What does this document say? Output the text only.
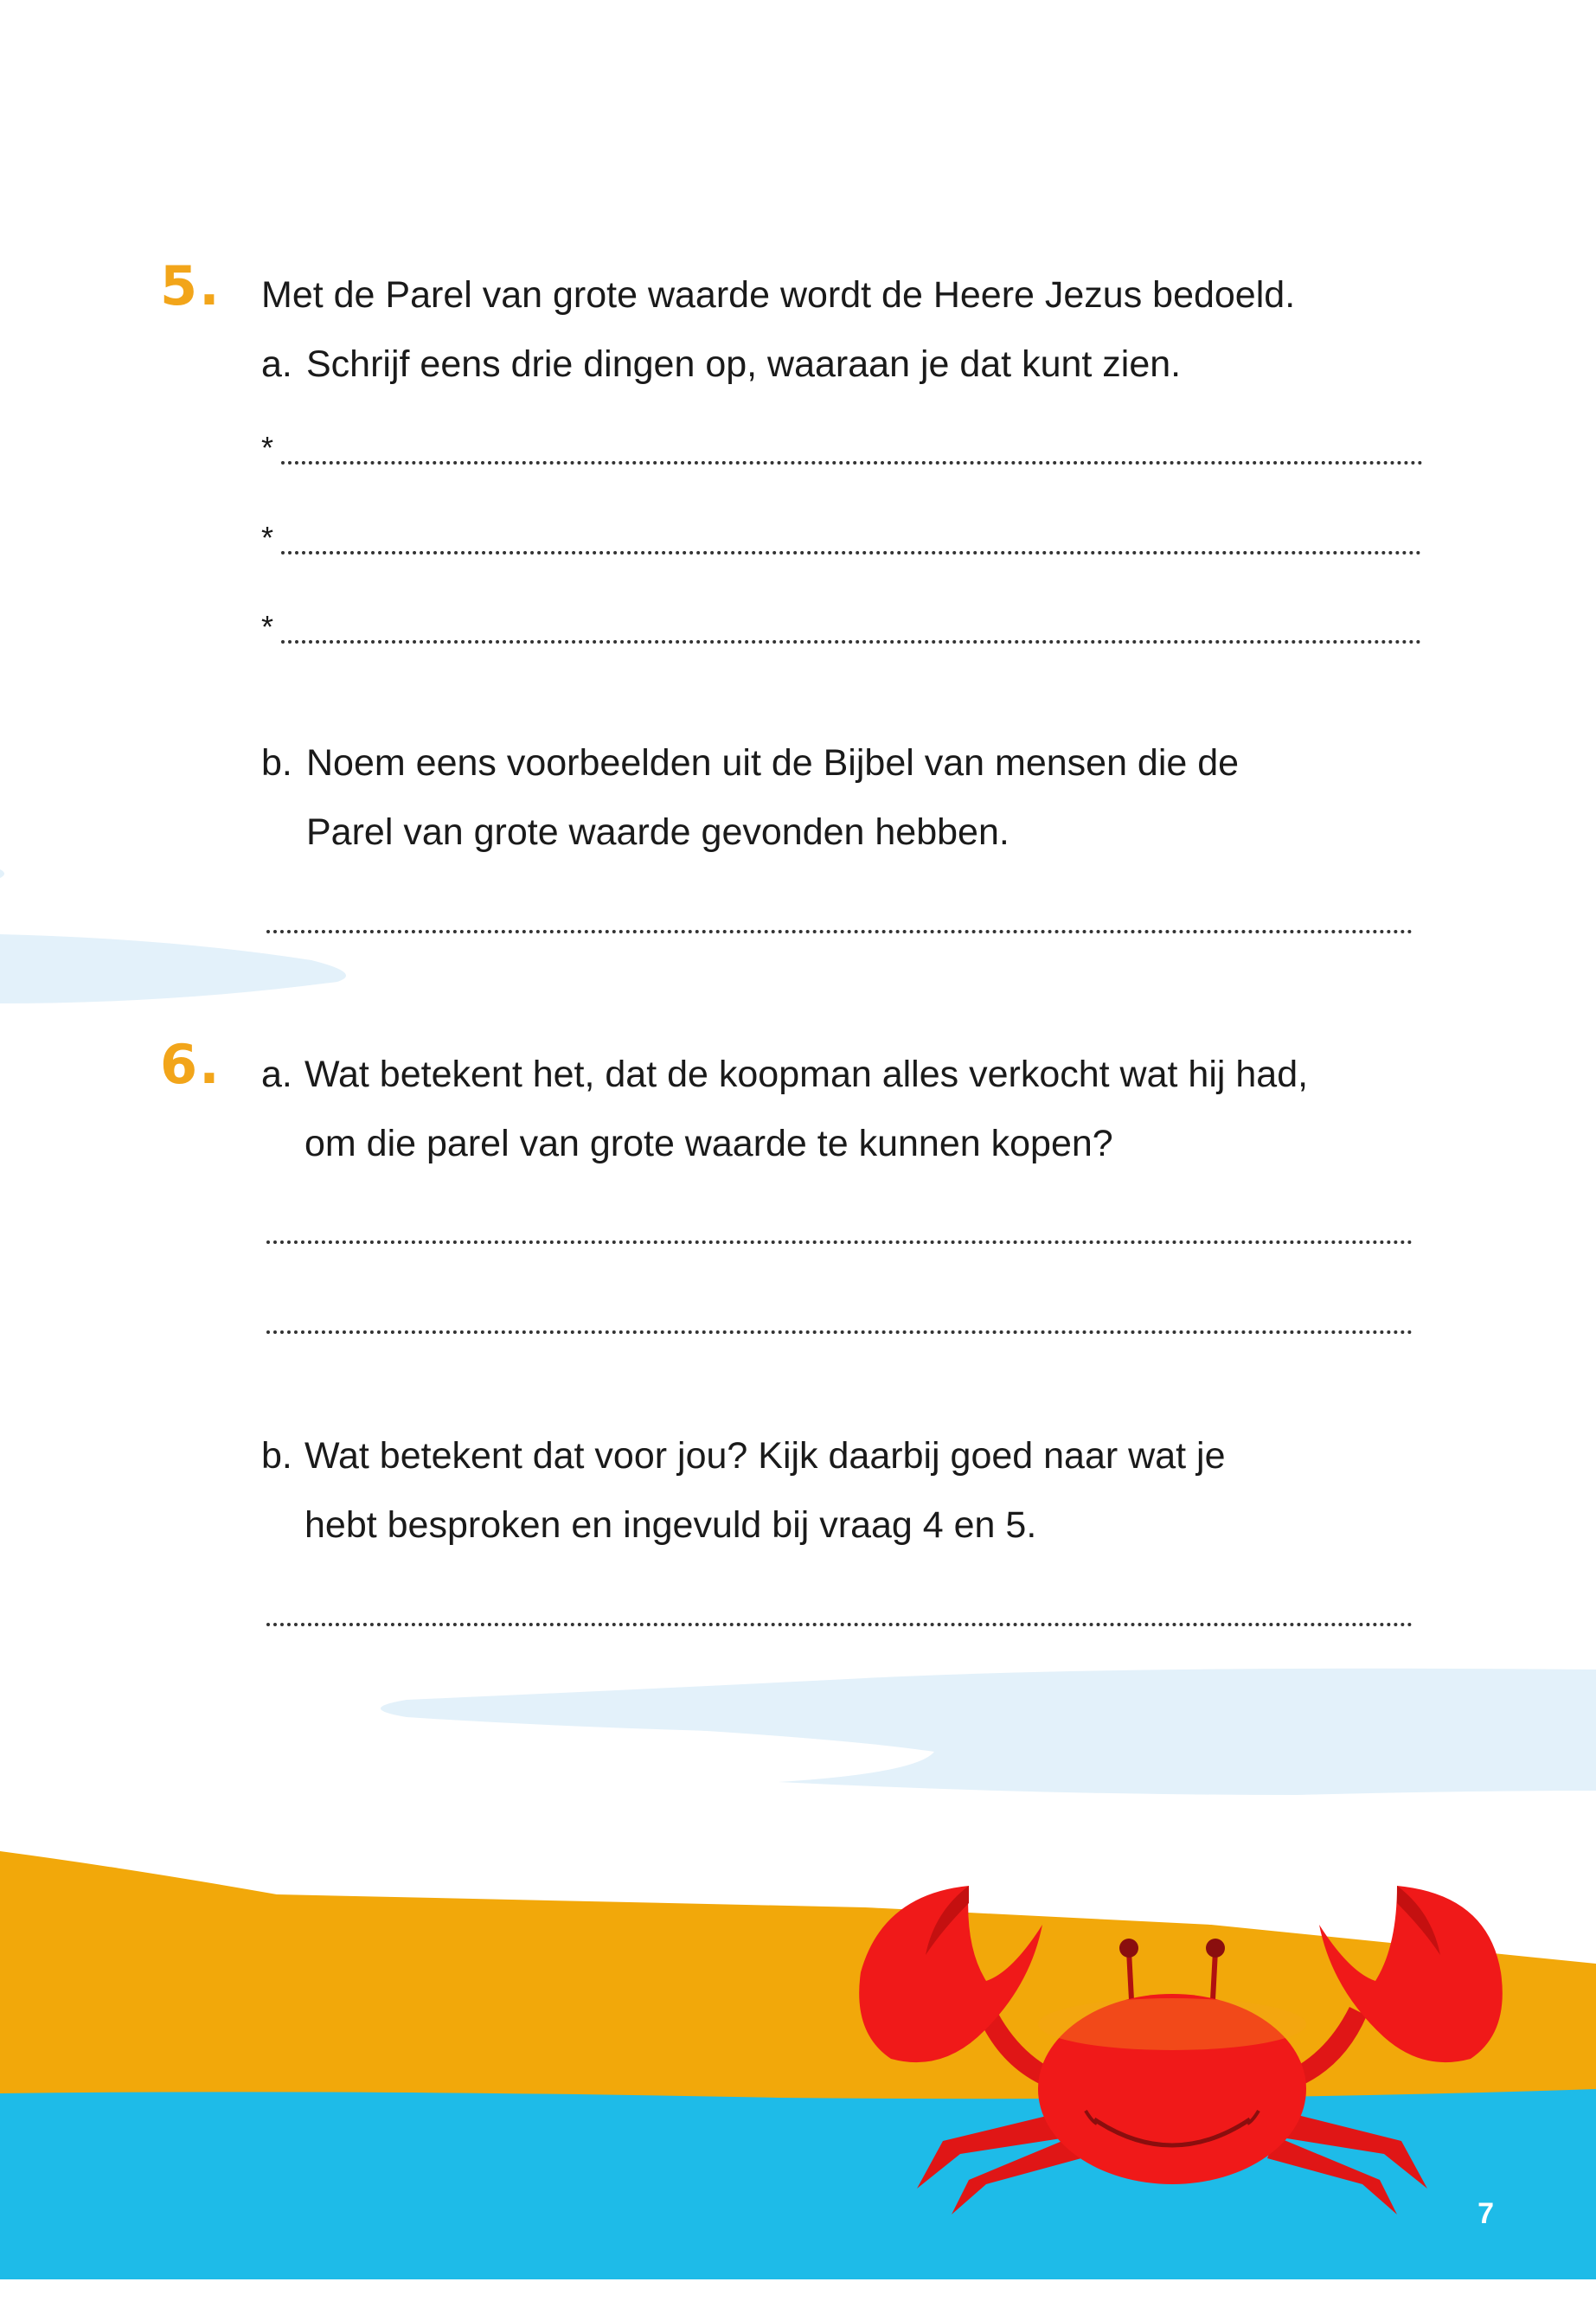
5. Met de Parel van grote waarde wordt de Heere Jezus bedoeld.
a. Schrijf eens drie dingen op, waaraan je dat kunt zien.
*
*
*
b. Noem eens voorbeelden uit de Bijbel van mensen die de
Parel van grote waarde gevonden hebben.
6. a. Wat betekent het, dat de koopman alles verkocht wat hij had,
om die parel van grote waarde te kunnen kopen?
b. Wat betekent dat voor jou? Kijk daarbij goed naar wat je
hebt besproken en ingevuld bij vraag 4 en 5.
7
